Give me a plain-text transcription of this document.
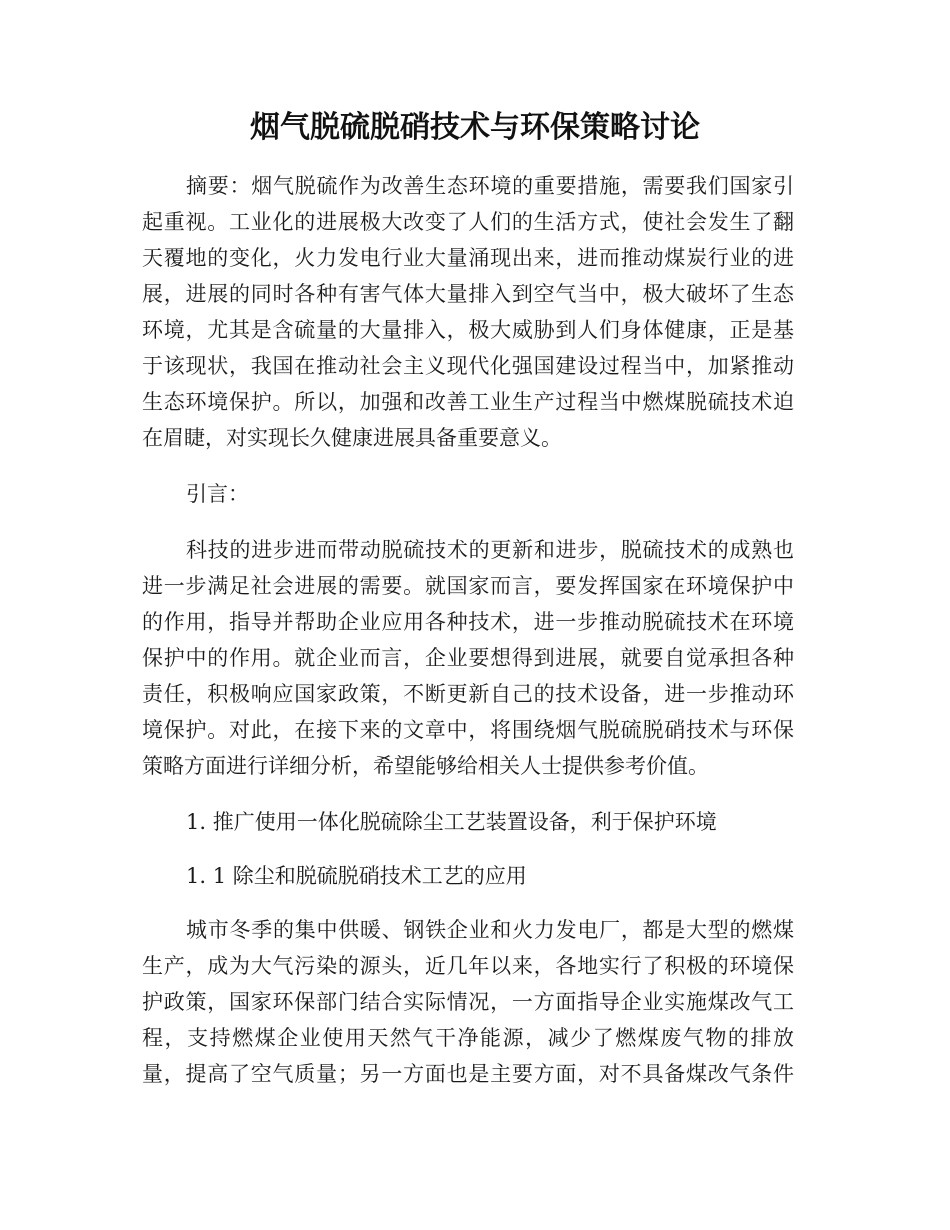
烟气脱硫脱硝技术与环保策略讨论
摘要：烟气脱硫作为改善生态环境的重要措施，需要我们国家引
起重视。工业化的进展极大改变了人们的生活方式，使社会发生了翻
天覆地的变化，火力发电行业大量涌现出来，进而推动煤炭行业的进
展，进展的同时各种有害气体大量排入到空气当中，极大破坏了生态
环境，尤其是含硫量的大量排入，极大威胁到人们身体健康，正是基
于该现状，我国在推动社会主义现代化强国建设过程当中，加紧推动
生态环境保护。所以，加强和改善工业生产过程当中燃煤脱硫技术迫
在眉睫，对实现长久健康进展具备重要意义。
引言：
科技的进步进而带动脱硫技术的更新和进步，脱硫技术的成熟也
进一步满足社会进展的需要。就国家而言，要发挥国家在环境保护中
的作用，指导并帮助企业应用各种技术，进一步推动脱硫技术在环境
保护中的作用。就企业而言，企业要想得到进展，就要自觉承担各种
责任，积极响应国家政策，不断更新自己的技术设备，进一步推动环
境保护。对此，在接下来的文章中，将围绕烟气脱硫脱硝技术与环保
策略方面进行详细分析，希望能够给相关人士提供参考价值。
1. 推广使用一体化脱硫除尘工艺装置设备，利于保护环境
1. 1 除尘和脱硫脱硝技术工艺的应用
城市冬季的集中供暖、钢铁企业和火力发电厂，都是大型的燃煤
生产，成为大气污染的源头，近几年以来，各地实行了积极的环境保
护政策，国家环保部门结合实际情况，一方面指导企业实施煤改气工
程，支持燃煤企业使用天然气干净能源，减少了燃煤废气物的排放
量，提高了空气质量；另一方面也是主要方面，对不具备煤改气条件
